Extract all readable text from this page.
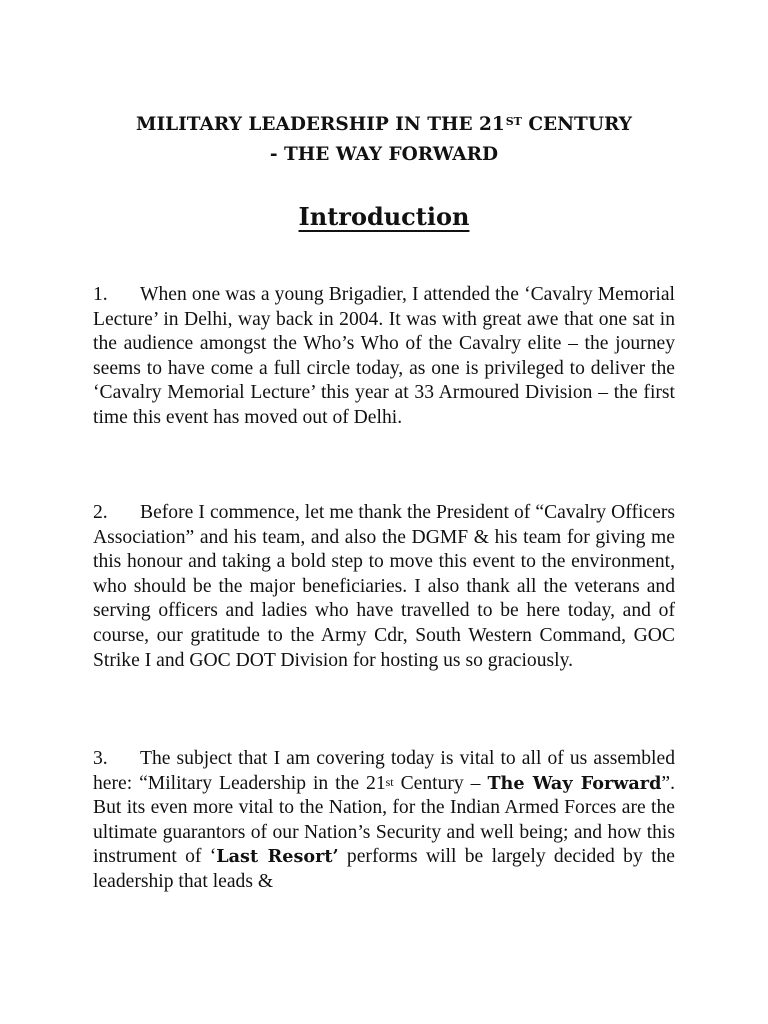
MILITARY LEADERSHIP IN THE 21ST CENTURY
- THE WAY FORWARD
Introduction

1. When one was a young Brigadier, I attended the ‘Cavalry Memorial Lecture’ in Delhi, way back in 2004. It was with great awe that one sat in the audience amongst the Who’s Who of the Cavalry elite – the journey seems to have come a full circle today, as one is privileged to deliver the ‘Cavalry Memorial Lecture’ this year at 33 Armoured Division – the first time this event has moved out of Delhi.

2. Before I commence, let me thank the President of “Cavalry Officers Association” and his team, and also the DGMF & his team for giving me this honour and taking a bold step to move this event to the environment, who should be the major beneficiaries. I also thank all the veterans and serving officers and ladies who have travelled to be here today, and of course, our gratitude to the Army Cdr, South Western Command, GOC Strike I and GOC DOT Division for hosting us so graciously.

3. The subject that I am covering today is vital to all of us assembled here: “Military Leadership in the 21st Century – The Way Forward”. But its even more vital to the Nation, for the Indian Armed Forces are the ultimate guarantors of our Nation’s Security and well being; and how this instrument of ‘Last Resort’ performs will be largely decided by the leadership that leads &
